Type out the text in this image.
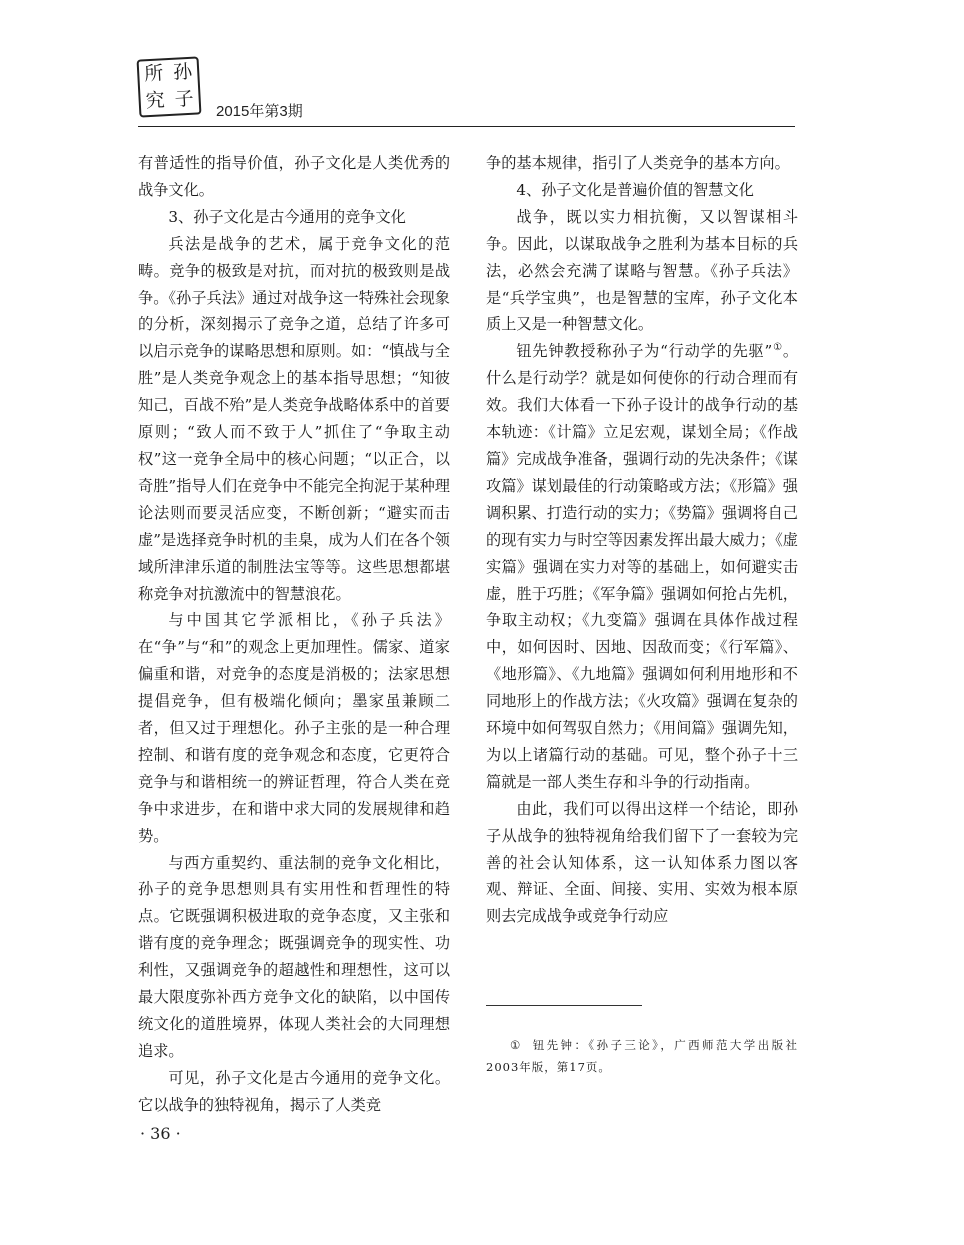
所 孙
究 子
2015年第3期

有普适性的指导价值，孙子文化是人类优秀的战争文化。

3、孙子文化是古今通用的竞争文化

兵法是战争的艺术，属于竞争文化的范畴。竞争的极致是对抗，而对抗的极致则是战争。《孙子兵法》通过对战争这一特殊社会现象的分析，深刻揭示了竞争之道，总结了许多可以启示竞争的谋略思想和原则。如：“慎战与全胜”是人类竞争观念上的基本指导思想；“知彼知己，百战不殆”是人类竞争战略体系中的首要原则；“致人而不致于人”抓住了“争取主动权”这一竞争全局中的核心问题；“以正合，以奇胜”指导人们在竞争中不能完全拘泥于某种理论法则而要灵活应变，不断创新；“避实而击虚”是选择竞争时机的圭臬，成为人们在各个领域所津津乐道的制胜法宝等等。这些思想都堪称竞争对抗激流中的智慧浪花。

与中国其它学派相比，《孙子兵法》在“争”与“和”的观念上更加理性。儒家、道家偏重和谐，对竞争的态度是消极的；法家思想提倡竞争，但有极端化倾向；墨家虽兼顾二者，但又过于理想化。孙子主张的是一种合理控制、和谐有度的竞争观念和态度，它更符合竞争与和谐相统一的辨证哲理，符合人类在竞争中求进步，在和谐中求大同的发展规律和趋势。

与西方重契约、重法制的竞争文化相比，孙子的竞争思想则具有实用性和哲理性的特点。它既强调积极进取的竞争态度，又主张和谐有度的竞争理念；既强调竞争的现实性、功利性，又强调竞争的超越性和理想性，这可以最大限度弥补西方竞争文化的缺陷，以中国传统文化的道胜境界，体现人类社会的大同理想追求。

可见，孙子文化是古今通用的竞争文化。它以战争的独特视角，揭示了人类竞

争的基本规律，指引了人类竞争的基本方向。

4、孙子文化是普遍价值的智慧文化

战争，既以实力相抗衡，又以智谋相斗争。因此，以谋取战争之胜利为基本目标的兵法，必然会充满了谋略与智慧。《孙子兵法》是“兵学宝典”，也是智慧的宝库，孙子文化本质上又是一种智慧文化。

钮先钟教授称孙子为“行动学的先驱”①。什么是行动学？就是如何使你的行动合理而有效。我们大体看一下孙子设计的战争行动的基本轨迹：《计篇》立足宏观，谋划全局；《作战篇》完成战争准备，强调行动的先决条件；《谋攻篇》谋划最佳的行动策略或方法；《形篇》强调积累、打造行动的实力；《势篇》强调将自己的现有实力与时空等因素发挥出最大威力；《虚实篇》强调在实力对等的基础上，如何避实击虚，胜于巧胜；《军争篇》强调如何抢占先机，争取主动权；《九变篇》强调在具体作战过程中，如何因时、因地、因敌而变；《行军篇》、《地形篇》、《九地篇》强调如何利用地形和不同地形上的作战方法；《火攻篇》强调在复杂的环境中如何驾驭自然力；《用间篇》强调先知，为以上诸篇行动的基础。可见，整个孙子十三篇就是一部人类生存和斗争的行动指南。

由此，我们可以得出这样一个结论，即孙子从战争的独特视角给我们留下了一套较为完善的社会认知体系，这一认知体系力图以客观、辩证、全面、间接、实用、实效为根本原则去完成战争或竞争行动应

① 钮先钟：《孙子三论》，广西师范大学出版社2003年版，第17页。
· 36 ·
